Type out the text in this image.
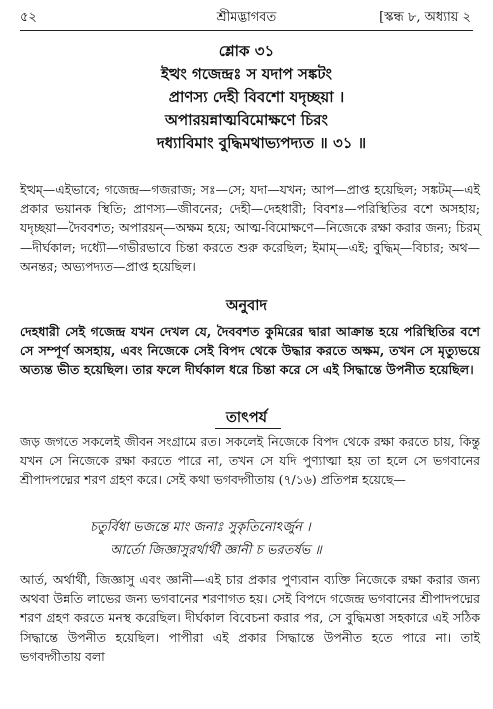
৫২	শ্রীমদ্ভাগবত	[স্কন্ধ ৮, অধ্যায় ২
শ্লোক ৩১
ইত্থং গজেন্দ্রঃ স যদাপ সঙ্কটং
প্রাণস্য দেহী বিবশো যদৃচ্ছয়া ।
অপারয়ন্নাত্মবিমোক্ষণে চিরং
দধ্যাবিমাং বুদ্ধিমথাভ্যপদ্যত ॥ ৩১ ॥

ইত্থম্—এইভাবে; গজেন্দ্র—গজরাজ; সঃ—সে; যদা—যখন; আপ—প্রাপ্ত হয়েছিল; সঙ্কটম্—এই প্রকার ভয়ানক স্থিতি; প্রাণস্য—জীবনের; দেহী—দেহধারী; বিবশঃ—পরিস্থিতির বশে অসহায়; যদৃচ্ছয়া—দৈববশত; অপারয়ন্—অক্ষম হয়ে; আত্ম-বিমোক্ষণে—নিজেকে রক্ষা করার জন্য; চিরম্—দীর্ঘকাল; দধ্যৌ—গভীরভাবে চিন্তা করতে শুরু করেছিল; ইমাম্—এই; বুদ্ধিম্—বিচার; অথ—অনন্তর; অভ্যপদ্যত—প্রাপ্ত হয়েছিল।

অনুবাদ

দেহধারী সেই গজেন্দ্র যখন দেখল যে, দৈববশত কুমিরের দ্বারা আক্রান্ত হয়ে পরিস্থিতির বশে সে সম্পূর্ণ অসহায়, এবং নিজেকে সেই বিপদ থেকে উদ্ধার করতে অক্ষম, তখন সে মৃত্যুভয়ে অত্যন্ত ভীত হয়েছিল। তার ফলে দীর্ঘকাল ধরে চিন্তা করে সে এই সিদ্ধান্তে উপনীত হয়েছিল।

তাৎপর্য

জড় জগতে সকলেই জীবন সংগ্রামে রত। সকলেই নিজেকে বিপদ থেকে রক্ষা করতে চায়, কিন্তু যখন সে নিজেকে রক্ষা করতে পারে না, তখন সে যদি পুণ্যাত্মা হয় তা হলে সে ভগবানের শ্রীপাদপদ্মের শরণ গ্রহণ করে। সেই কথা ভগবদ্গীতায় (৭/১৬) প্রতিপন্ন হয়েছে—

চতুর্বিধা ভজন্তে মাং জনাঃ সুকৃতিনোঽর্জুন ।
আর্তো জিজ্ঞাসুরর্থার্থী জ্ঞানী চ ভরতর্ষভ ॥

আর্ত, অর্থার্থী, জিজ্ঞাসু এবং জ্ঞানী—এই চার প্রকার পুণ্যবান ব্যক্তি নিজেকে রক্ষা করার জন্য অথবা উন্নতি লাভের জন্য ভগবানের শরণাগত হয়। সেই বিপদে গজেন্দ্র ভগবানের শ্রীপাদপদ্মের শরণ গ্রহণ করতে মনস্থ করেছিল। দীর্ঘকাল বিবেচনা করার পর, সে বুদ্ধিমত্তা সহকারে এই সঠিক সিদ্ধান্তে উপনীত হয়েছিল। পাপীরা এই প্রকার সিদ্ধান্তে উপনীত হতে পারে না। তাই ভগবদ্গীতায় বলা
